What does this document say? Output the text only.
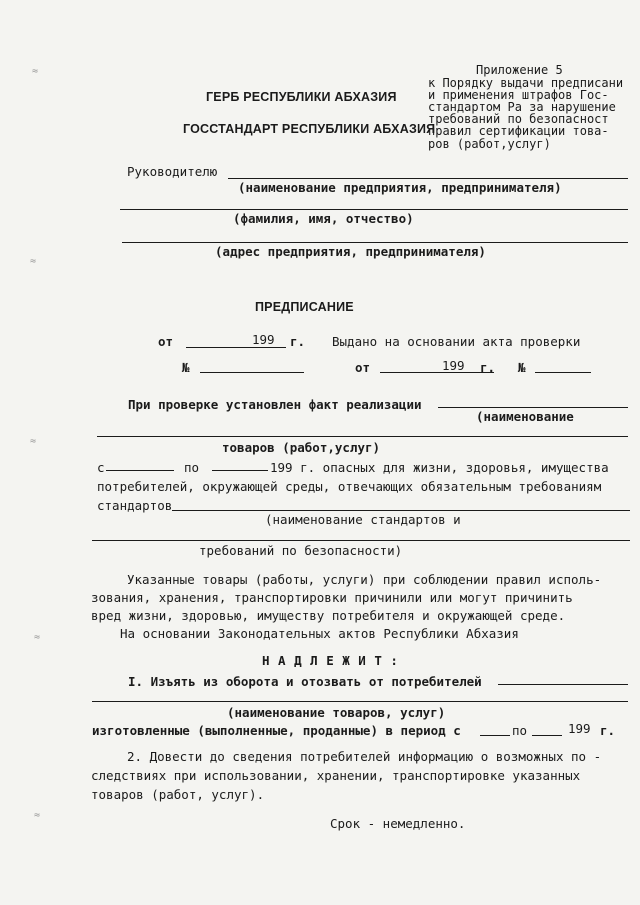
≈
≈
≈
≈
≈
Приложение 5
к Порядку выдачи предписани
и применения штрафов Гос-
стандартом Ра за нарушение
требований по безопасност
правил сертификации това-
ров (работ,услуг)
ГЕРБ РЕСПУБЛИКИ АБХАЗИЯ
ГОССТАНДАРТ РЕСПУБЛИКИ АБХАЗИЯ
Руководителю
(наименование предприятия, предпринимателя)
(фамилия, имя, отчество)
(адрес предприятия, предпринимателя)
ПРЕДПИСАНИЕ
от	199 г. Выдано на основании акта проверки
№	от	199 г. №
При проверке установлен факт реализации
(наименование
товаров (работ,услуг)
с	по	199 г. опасных для жизни, здоровья, имущества
потребителей, окружающей среды, отвечающих обязательным требованиям
стандартов
(наименование стандартов и
требований по безопасности)
Указанные товары (работы, услуги) при соблюдении правил исполь-
зования, хранения, транспортировки причинили или могут причинить
вред жизни, здоровью, имуществу потребителя и окружающей среде.
На основании Законодательных актов Республики Абхазия
Н А Д Л Е Ж И Т :
I. Изъять из оборота и отозвать от потребителей
(наименование товаров, услуг)
изготовленные (выполненные, проданные) в период с	по	199 г.
2. Довести до сведения потребителей информацию о возможных по -
следствиях при использовании, хранении, транспортировке указанных
товаров (работ, услуг).
Срок - немедленно.
